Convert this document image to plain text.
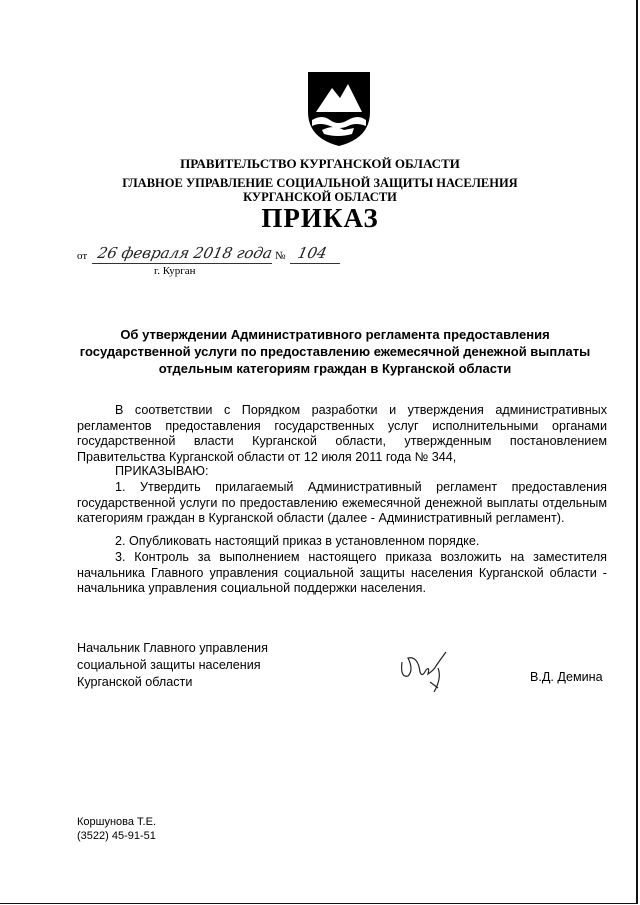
ПРАВИТЕЛЬСТВО КУРГАНСКОЙ ОБЛАСТИ
ГЛАВНОЕ УПРАВЛЕНИЕ СОЦИАЛЬНОЙ ЗАЩИТЫ НАСЕЛЕНИЯ
КУРГАНСКОЙ ОБЛАСТИ
ПРИКАЗ
от 26 февраля 2018 года № 104
г. Курган
Об утверждении Административного регламента предоставления
государственной услуги по предоставлению ежемесячной денежной выплаты
отдельным категориям граждан в Курганской области

В соответствии с Порядком разработки и утверждения административных регламентов предоставления государственных услуг исполнительными органами государственной власти Курганской области, утвержденным постановлением Правительства Курганской области от 12 июля 2011 года № 344,

ПРИКАЗЫВАЮ:

1. Утвердить прилагаемый Административный регламент предоставления государственной услуги по предоставлению ежемесячной денежной выплаты отдельным категориям граждан в Курганской области (далее - Административный регламент).

2. Опубликовать настоящий приказ в установленном порядке.

3. Контроль за выполнением настоящего приказа возложить на заместителя начальника Главного управления социальной защиты населения Курганской области - начальника управления социальной поддержки населения.

Начальник Главного управления
социальной защиты населения
Курганской области	В.Д. Демина
Коршунова Т.Е.
(3522) 45-91-51
